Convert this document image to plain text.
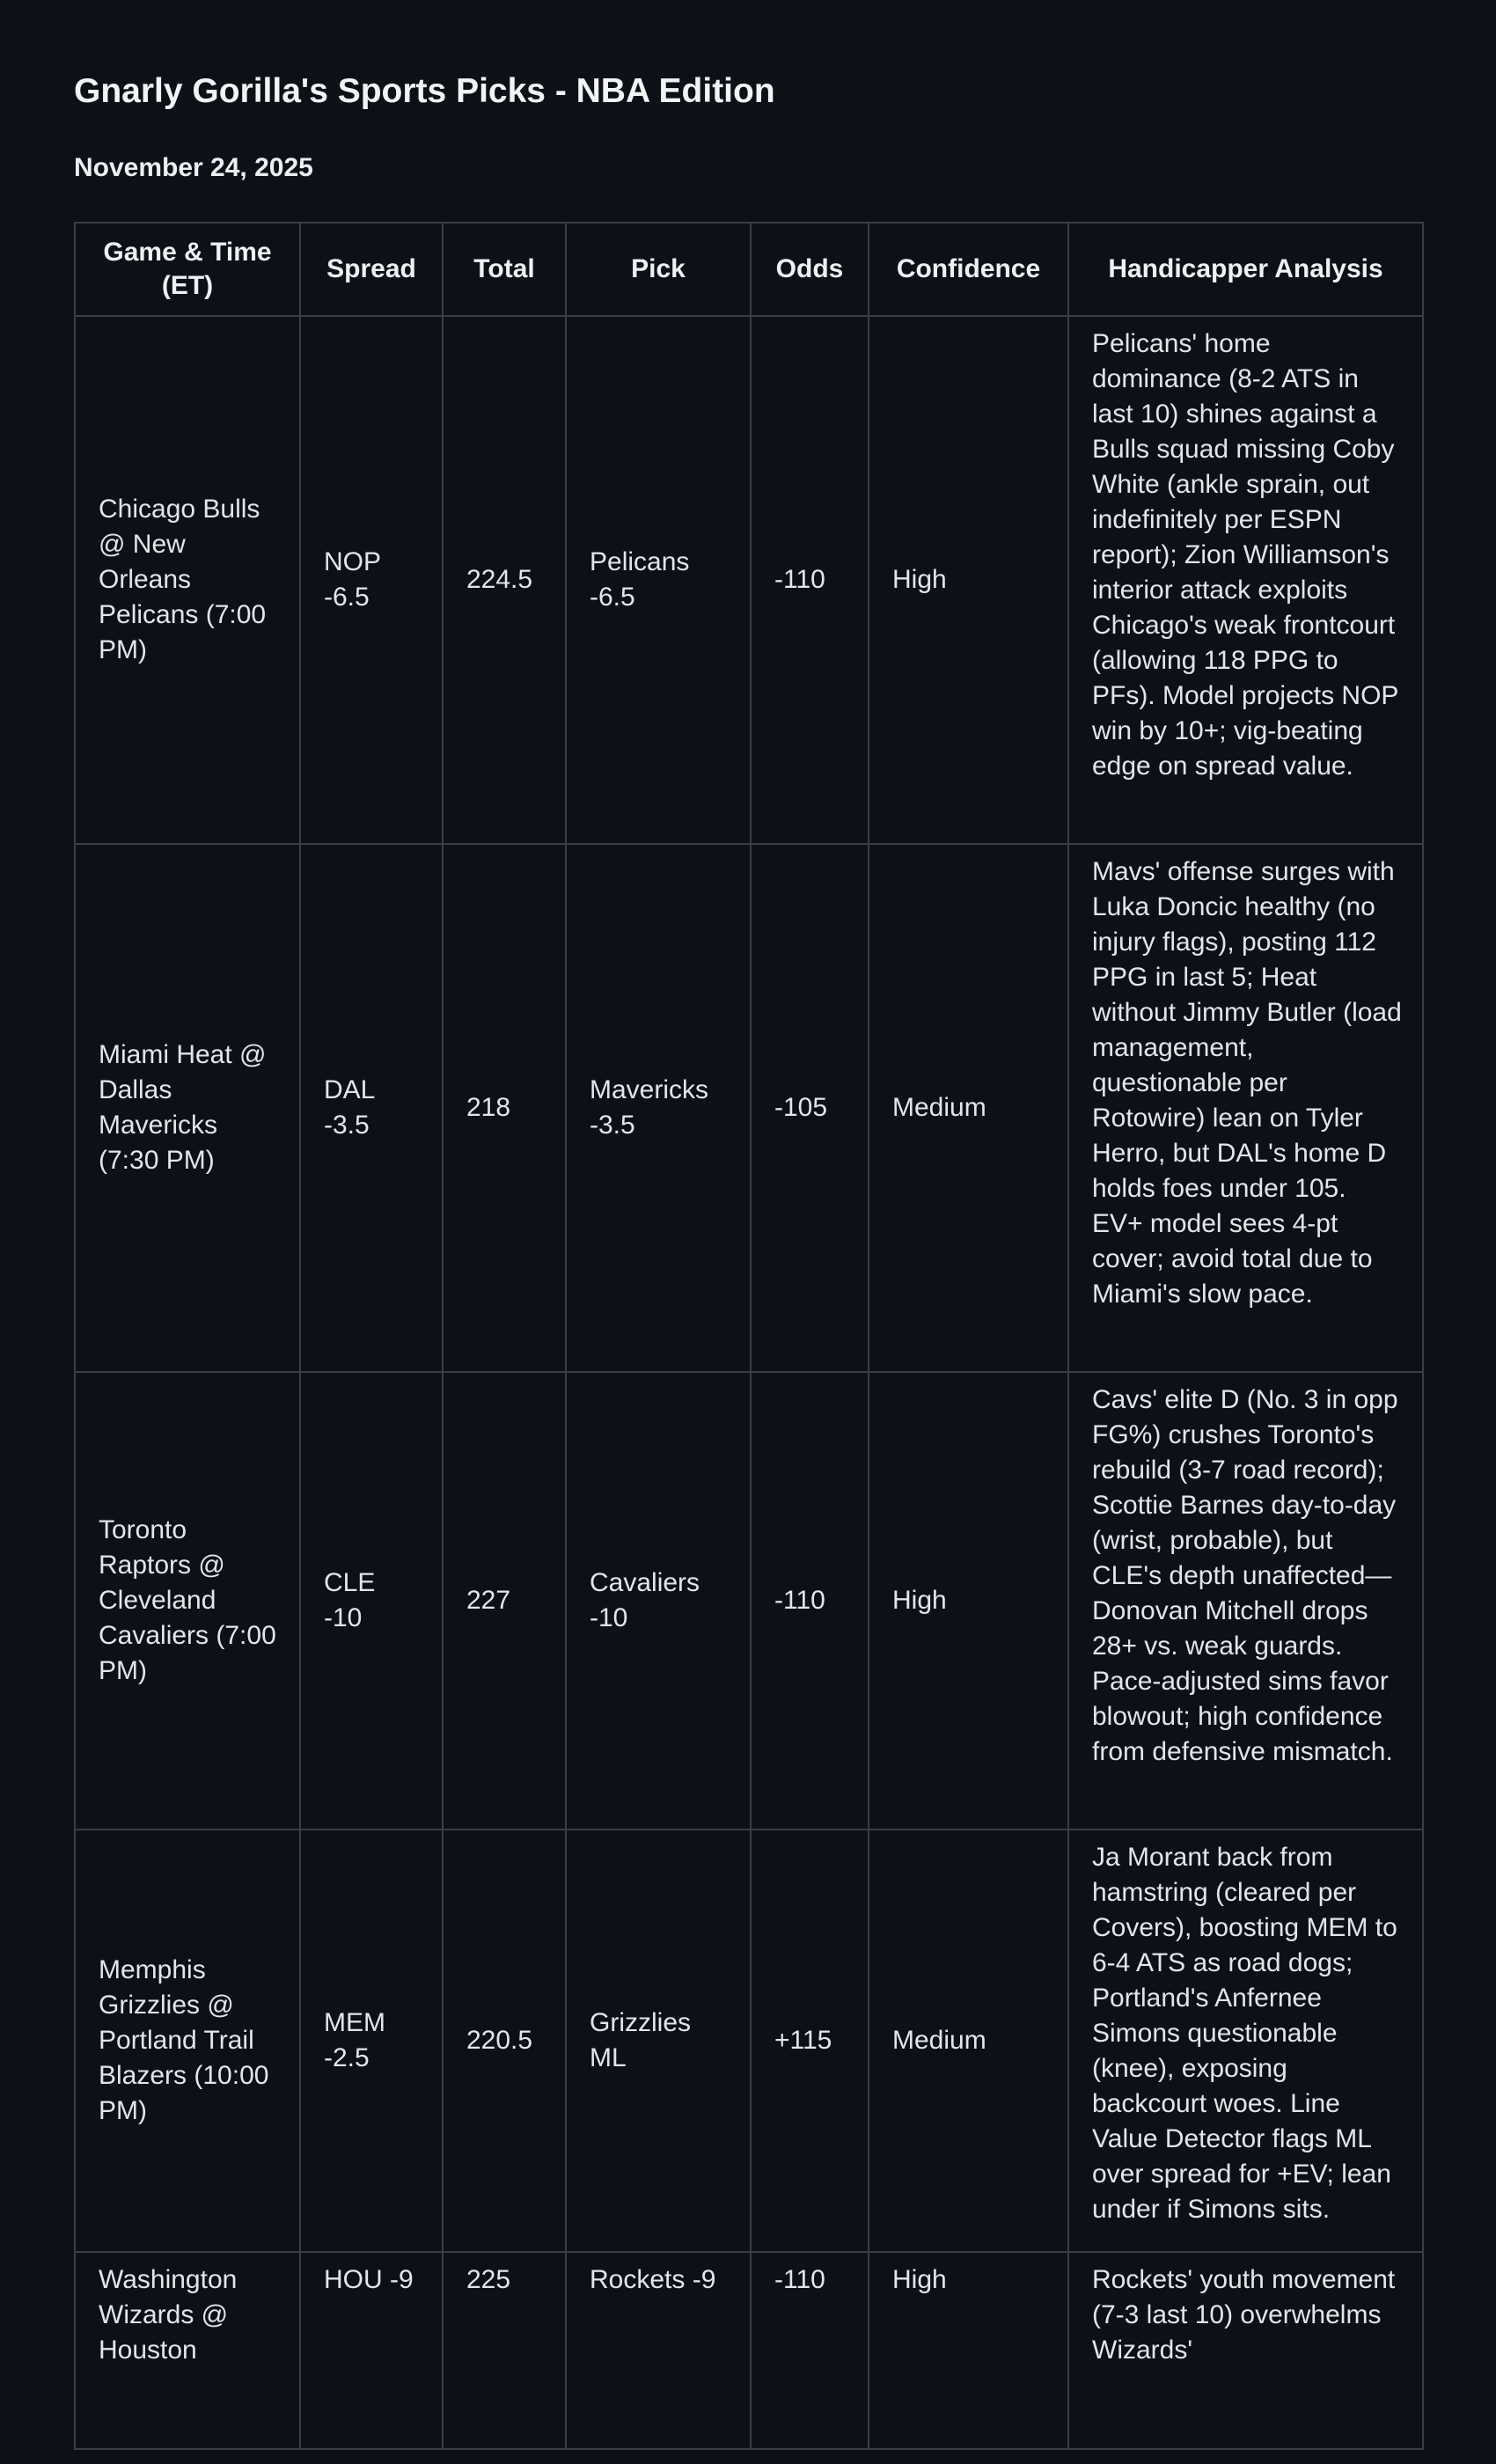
Gnarly Gorilla's Sports Picks - NBA Edition

November 24, 2025

Game & Time (ET)	Spread	Total	Pick	Odds	Confidence	Handicapper Analysis
Chicago Bulls @ New Orleans Pelicans (7:00 PM)	NOP -6.5	224.5	Pelicans -6.5	-110	High	Pelicans' home dominance (8-2 ATS in last 10) shines against a Bulls squad missing Coby White (ankle sprain, out indefinitely per ESPN report); Zion Williamson's interior attack exploits Chicago's weak frontcourt (allowing 118 PPG to PFs). Model projects NOP win by 10+; vig-beating edge on spread value.
Miami Heat @ Dallas Mavericks (7:30 PM)	DAL -3.5	218	Mavericks -3.5	-105	Medium	Mavs' offense surges with Luka Doncic healthy (no injury flags), posting 112 PPG in last 5; Heat without Jimmy Butler (load management, questionable per Rotowire) lean on Tyler Herro, but DAL's home D holds foes under 105. EV+ model sees 4-pt cover; avoid total due to Miami's slow pace.
Toronto Raptors @ Cleveland Cavaliers (7:00 PM)	CLE -10	227	Cavaliers -10	-110	High	Cavs' elite D (No. 3 in opp FG%) crushes Toronto's rebuild (3-7 road record); Scottie Barnes day-to-day (wrist, probable), but CLE's depth unaffected—Donovan Mitchell drops 28+ vs. weak guards. Pace-adjusted sims favor blowout; high confidence from defensive mismatch.
Memphis Grizzlies @ Portland Trail Blazers (10:00 PM)	MEM -2.5	220.5	Grizzlies ML	+115	Medium	Ja Morant back from hamstring (cleared per Covers), boosting MEM to 6-4 ATS as road dogs; Portland's Anfernee Simons questionable (knee), exposing backcourt woes. Line Value Detector flags ML over spread for +EV; lean under if Simons sits.
Washington Wizards @ Houston	HOU -9	225	Rockets -9	-110	High	Rockets' youth movement (7-3 last 10) overwhelms Wizards'
